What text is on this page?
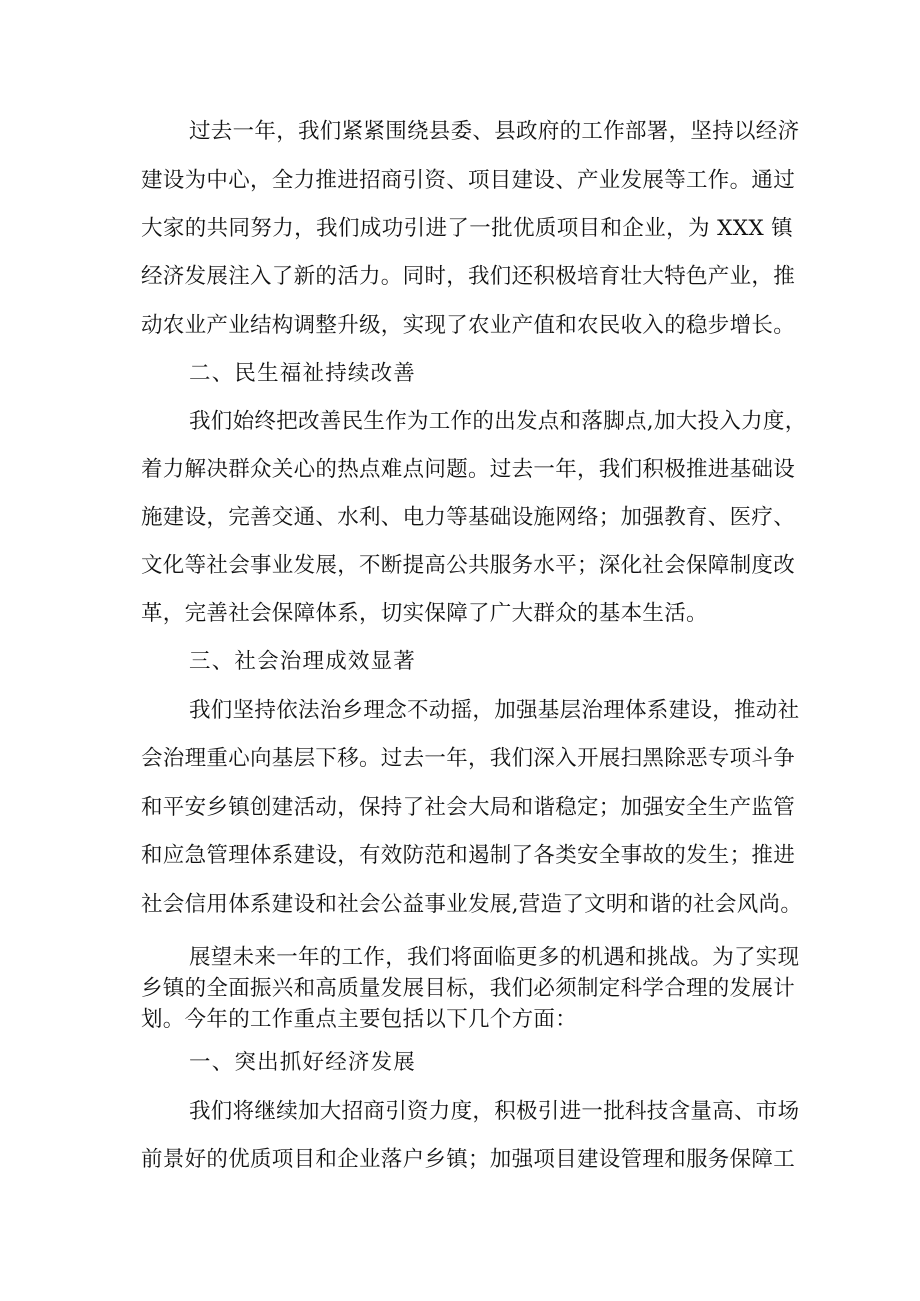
过去一年，我们紧紧围绕县委、县政府的工作部署，坚持以经济
建设为中心，全力推进招商引资、项目建设、产业发展等工作。通过
大家的共同努力，我们成功引进了一批优质项目和企业，为 XXX 镇
经济发展注入了新的活力。同时，我们还积极培育壮大特色产业，推
动农业产业结构调整升级，实现了农业产值和农民收入的稳步增长。
二、民生福祉持续改善
我们始终把改善民生作为工作的出发点和落脚点,加大投入力度，
着力解决群众关心的热点难点问题。过去一年，我们积极推进基础设
施建设，完善交通、水利、电力等基础设施网络；加强教育、医疗、
文化等社会事业发展，不断提高公共服务水平；深化社会保障制度改
革，完善社会保障体系，切实保障了广大群众的基本生活。
三、社会治理成效显著
我们坚持依法治乡理念不动摇，加强基层治理体系建设，推动社
会治理重心向基层下移。过去一年，我们深入开展扫黑除恶专项斗争
和平安乡镇创建活动，保持了社会大局和谐稳定；加强安全生产监管
和应急管理体系建设，有效防范和遏制了各类安全事故的发生；推进
社会信用体系建设和社会公益事业发展,营造了文明和谐的社会风尚。
展望未来一年的工作，我们将面临更多的机遇和挑战。为了实现
乡镇的全面振兴和高质量发展目标，我们必须制定科学合理的发展计
划。今年的工作重点主要包括以下几个方面：
一、突出抓好经济发展
我们将继续加大招商引资力度，积极引进一批科技含量高、市场
前景好的优质项目和企业落户乡镇；加强项目建设管理和服务保障工
